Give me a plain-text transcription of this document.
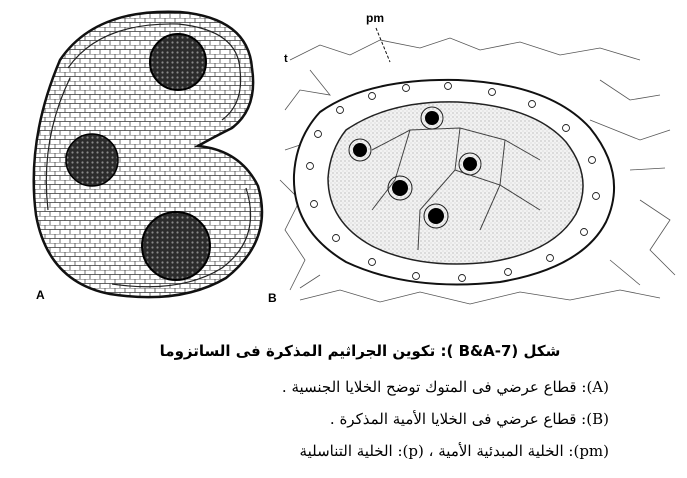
A
pm
t
B
شكل (B&A-7 ): تكوين الجراثيم المذكرة فى الساتزوما
(A): قطاع عرضي فى المتوك توضح الخلايا الجنسية .
(B): قطاع عرضي فى الخلايا الأمية المذكرة .
(pm): الخلية المبدئية الأمية ، (p): الخلية التناسلية
